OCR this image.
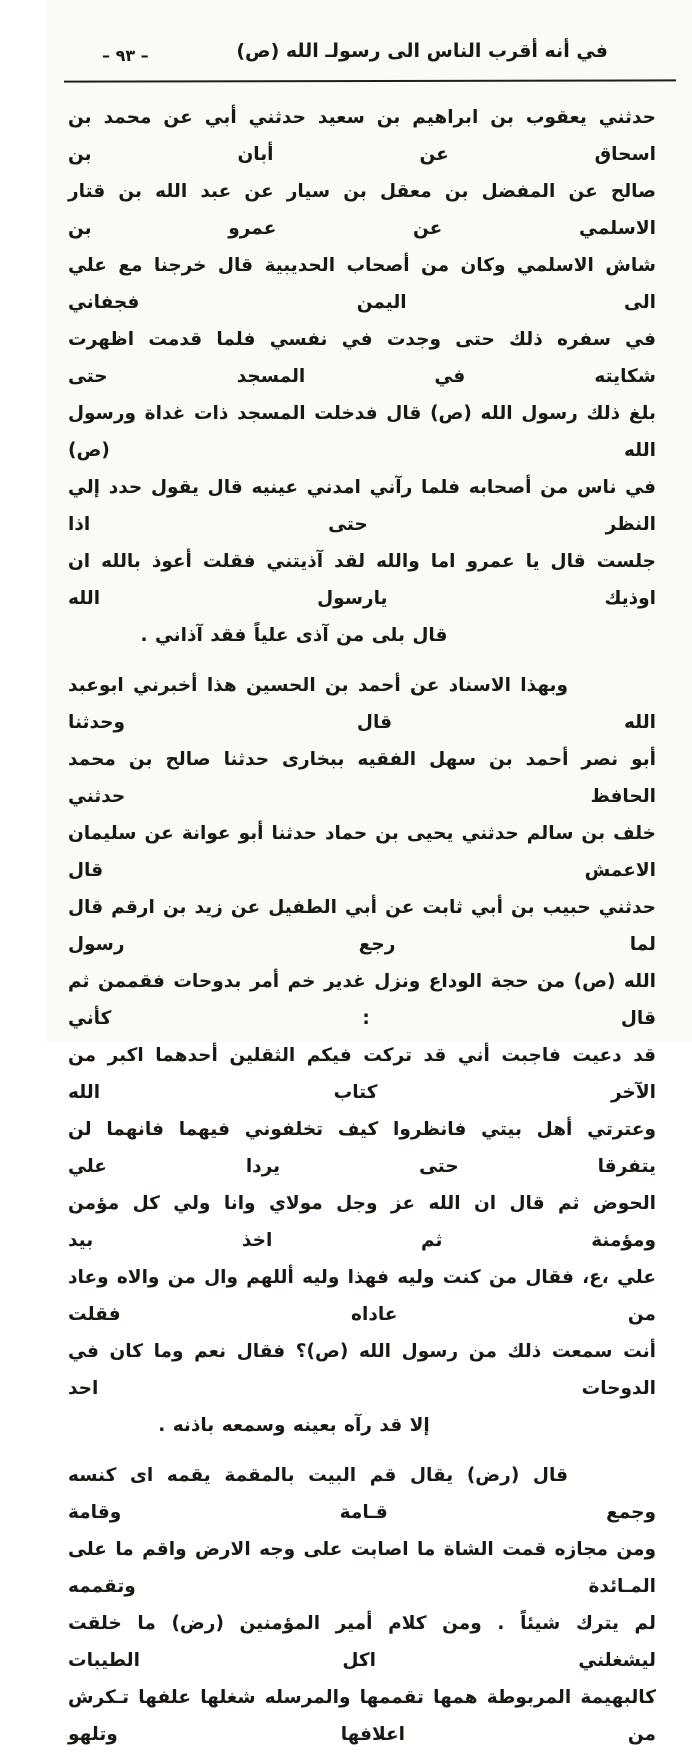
في أنه أقرب الناس الى رسولـ الله (ص)
– ٩٣ –
حدثني يعقوب بن ابراهيم بن سعيد حدثني أبي عن محمد بن اسحاق عن أبان بن
صالح عن المفضل بن معقل بن سيار عن عبد الله بن قتار الاسلمي عن عمرو بن
شاش الاسلمي وكان من أصحاب الحديبية قال خرجنا مع علي الى اليمن فجفاني
في سفره ذلك حتى وجدت في نفسي فلما قدمت اظهرت شكايته في المسجد حتى
بلغ ذلك رسول الله (ص) قال فدخلت المسجد ذات غداة ورسول الله (ص)
في ناس من أصحابه فلما رآني امدني عينيه قال يقول حدد إلي النظر حتى اذا
جلست قال يا عمرو اما والله لقد آذيتني فقلت أعوذ بالله ان اوذيك يارسول الله
قال بلى من آذى علياً فقد آذاني .
وبهذا الاسناد عن أحمد بن الحسين هذا أخبرني ابوعبد الله قال وحدثنا
أبو نصر أحمد بن سهل الفقيه ببخارى حدثنا صالح بن محمد الحافظ حدثني
خلف بن سالم حدثني يحيى بن حماد حدثنا أبو عوانة عن سليمان الاعمش قال
حدثني حبيب بن أبي ثابت عن أبي الطفيل عن زيد بن ارقم قال لما رجع رسول
الله (ص) من حجة الوداع ونزل غدير خم أمر بدوحات فقممن ثم قال : كأني
قد دعيت فاجبت أني قد تركت فيكم الثقلين أحدهما اكبر من الآخر كتاب الله
وعترتي أهل بيتي فانظروا كيف تخلفوني فيهما فانهما لن يتفرقا حتى يردا علي
الحوض ثم قال ان الله عز وجل مولاي وانا ولي كل مؤمن ومؤمنة ثم اخذ بيد
علي ،ع، فقال من كنت وليه فهذا وليه أللهم وال من والاه وعاد من عاداه فقلت
أنت سمعت ذلك من رسول الله (ص)؟ فقال نعم وما كان في الدوحات احد
إلا قد رآه بعينه وسمعه باذنه .
قال (رض) يقال قم البيت بالمقمة يقمه اى كنسه وجمع قـامة وقامة
ومن مجازه قمت الشاة ما اصابت على وجه الارض واقم ما على المـائدة وتقممه
لم يترك شيئاً . ومن كلام أمير المؤمنين (رض) ما خلقت ليشغلني اكل الطيبات
كالبهيمة المربوطة همها تقممها والمرسله شغلها علفها تـكرش من اعلافها وتلهو
